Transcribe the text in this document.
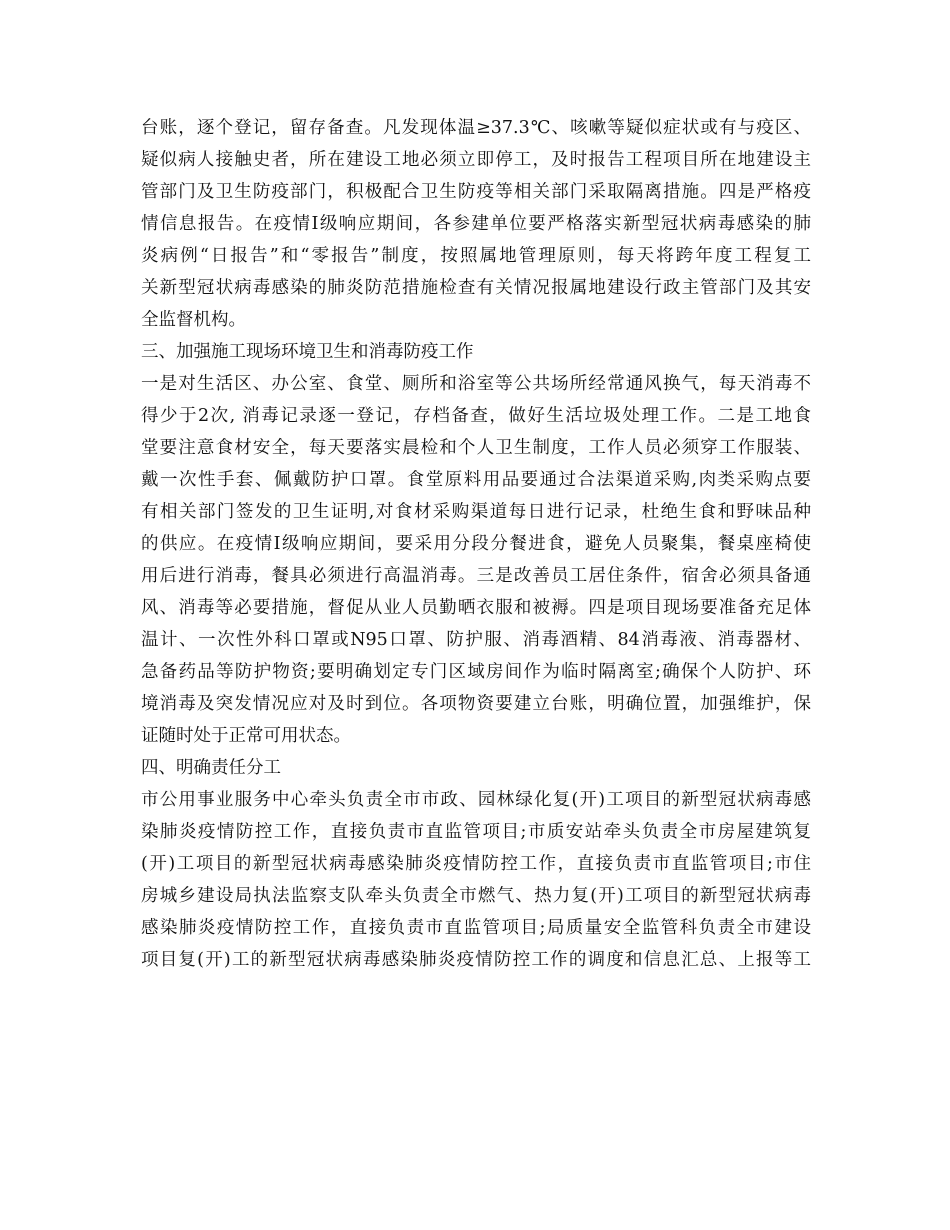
台账，逐个登记，留存备查。凡发现体温≥37.3℃、咳嗽等疑似症状或有与疫区、
疑似病人接触史者，所在建设工地必须立即停工，及时报告工程项目所在地建设主
管部门及卫生防疫部门，积极配合卫生防疫等相关部门采取隔离措施。四是严格疫
情信息报告。在疫情Ⅰ级响应期间，各参建单位要严格落实新型冠状病毒感染的肺
炎病例“日报告”和“零报告”制度，按照属地管理原则，每天将跨年度工程复工
关新型冠状病毒感染的肺炎防范措施检查有关情况报属地建设行政主管部门及其安
全监督机构。
三、加强施工现场环境卫生和消毒防疫工作
一是对生活区、办公室、食堂、厕所和浴室等公共场所经常通风换气，每天消毒不
得少于2次, 消毒记录逐一登记，存档备查，做好生活垃圾处理工作。二是工地食
堂要注意食材安全，每天要落实晨检和个人卫生制度，工作人员必须穿工作服装、
戴一次性手套、佩戴防护口罩。食堂原料用品要通过合法渠道采购,肉类采购点要
有相关部门签发的卫生证明,对食材采购渠道每日进行记录，杜绝生食和野味品种
的供应。在疫情Ⅰ级响应期间，要采用分段分餐进食，避免人员聚集，餐桌座椅使
用后进行消毒，餐具必须进行高温消毒。三是改善员工居住条件，宿舍必须具备通
风、消毒等必要措施，督促从业人员勤晒衣服和被褥。四是项目现场要准备充足体
温计、一次性外科口罩或N95口罩、防护服、消毒酒精、84消毒液、消毒器材、
急备药品等防护物资;要明确划定专门区域房间作为临时隔离室;确保个人防护、环
境消毒及突发情况应对及时到位。各项物资要建立台账，明确位置，加强维护，保
证随时处于正常可用状态。
四、明确责任分工
市公用事业服务中心牵头负责全市市政、园林绿化复(开)工项目的新型冠状病毒感
染肺炎疫情防控工作，直接负责市直监管项目;市质安站牵头负责全市房屋建筑复
(开)工项目的新型冠状病毒感染肺炎疫情防控工作，直接负责市直监管项目;市住
房城乡建设局执法监察支队牵头负责全市燃气、热力复(开)工项目的新型冠状病毒
感染肺炎疫情防控工作，直接负责市直监管项目;局质量安全监管科负责全市建设
项目复(开)工的新型冠状病毒感染肺炎疫情防控工作的调度和信息汇总、上报等工
